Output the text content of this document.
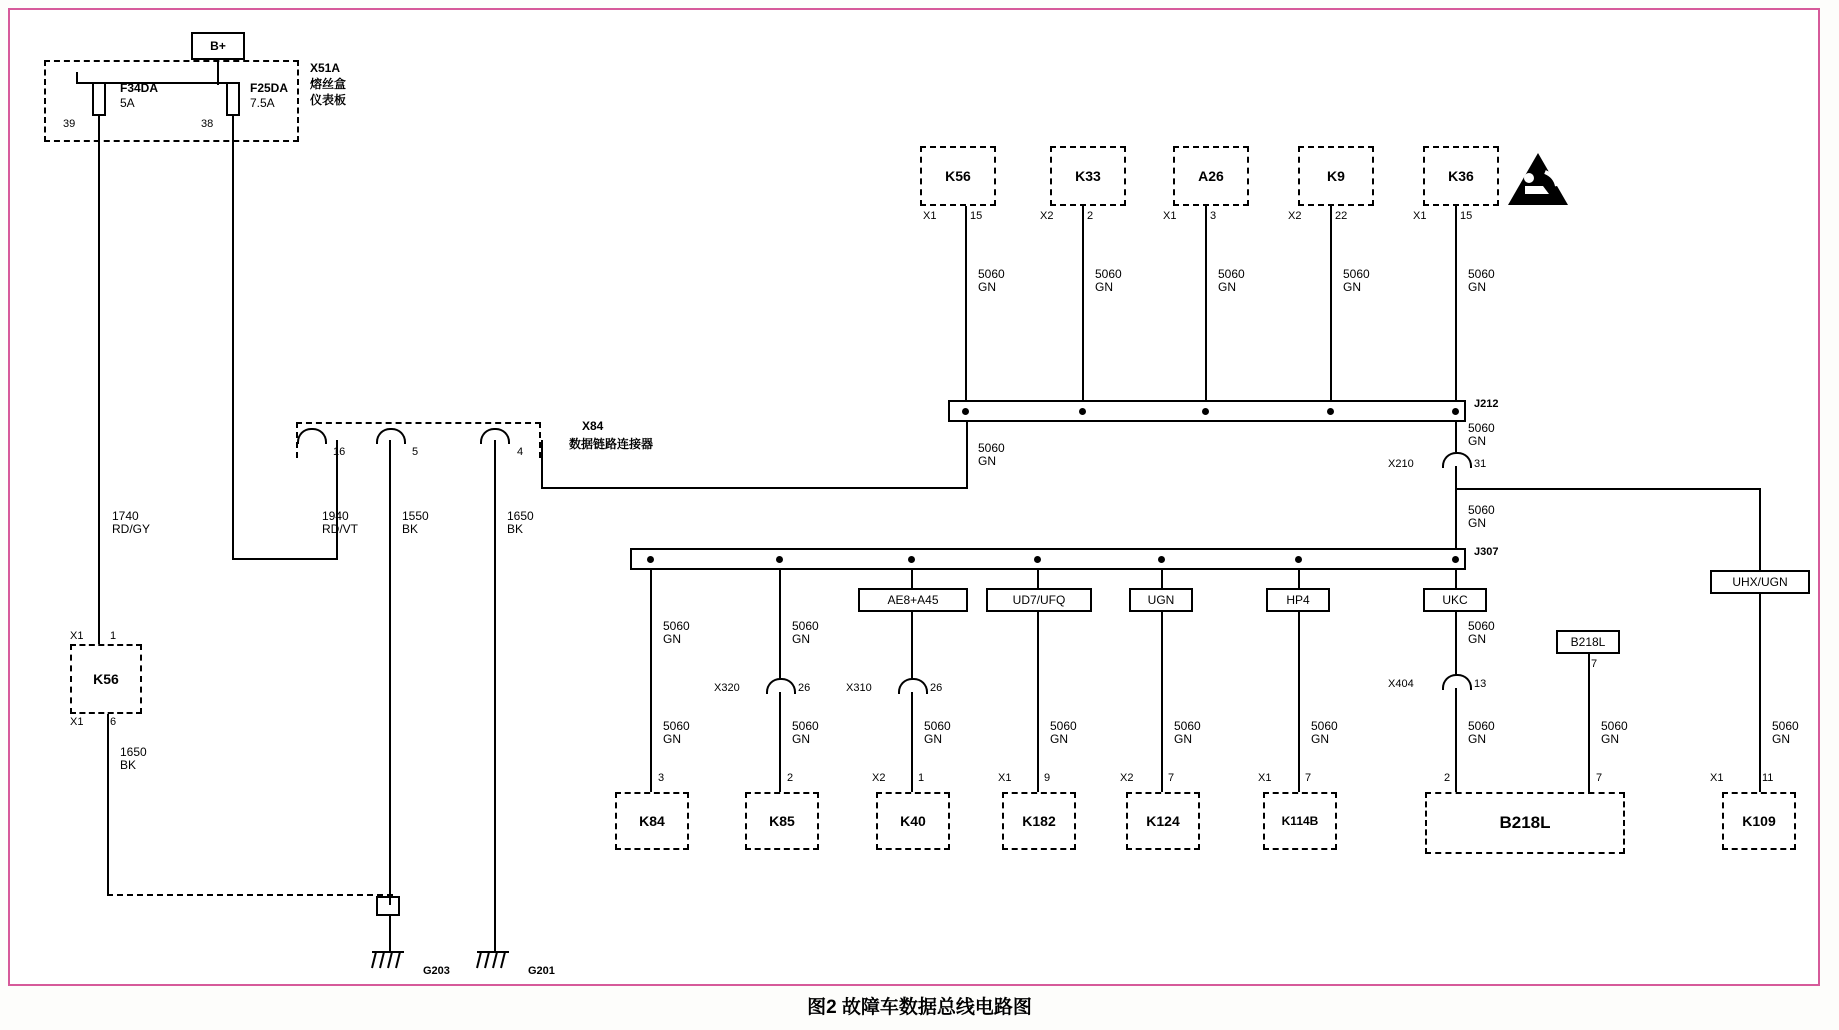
B+
X51A
熔丝盒
仪表板
F34DA
5A
39
F25DA
7.5A
38
1740
RD/GY
1940
RD/VT
16	5	4
X84
数据链路连接器
1550
BK
1650
BK
5060
GN
K56
X1 1
X1 6
1650
BK
G203	G201
K56
X1	15
5060
GN
K33
X2	2
5060
GN
A26
X1	3
5060
GN
K9
X2	22
5060
GN
K36
X1	15
5060
GN
J212
5060
GN
X210	31
5060
GN
J307
5060
GN
5060
GN
3
K84
5060
GN
X320	26
5060
GN
2
K85
AE8+A45
X310	26
5060
GN
X2	1
K40
UD7/UFQ
5060
GN
X1	9
K182
UGN
5060
GN
X2	7
K124
HP4
5060
GN
X1	7
K114B
UKC
5060
GN
X404	13
5060
GN
2
B218L
B218L
7
5060
GN
7
UHX/UGN
5060
GN
X1	11
K109
图2 故障车数据总线电路图
